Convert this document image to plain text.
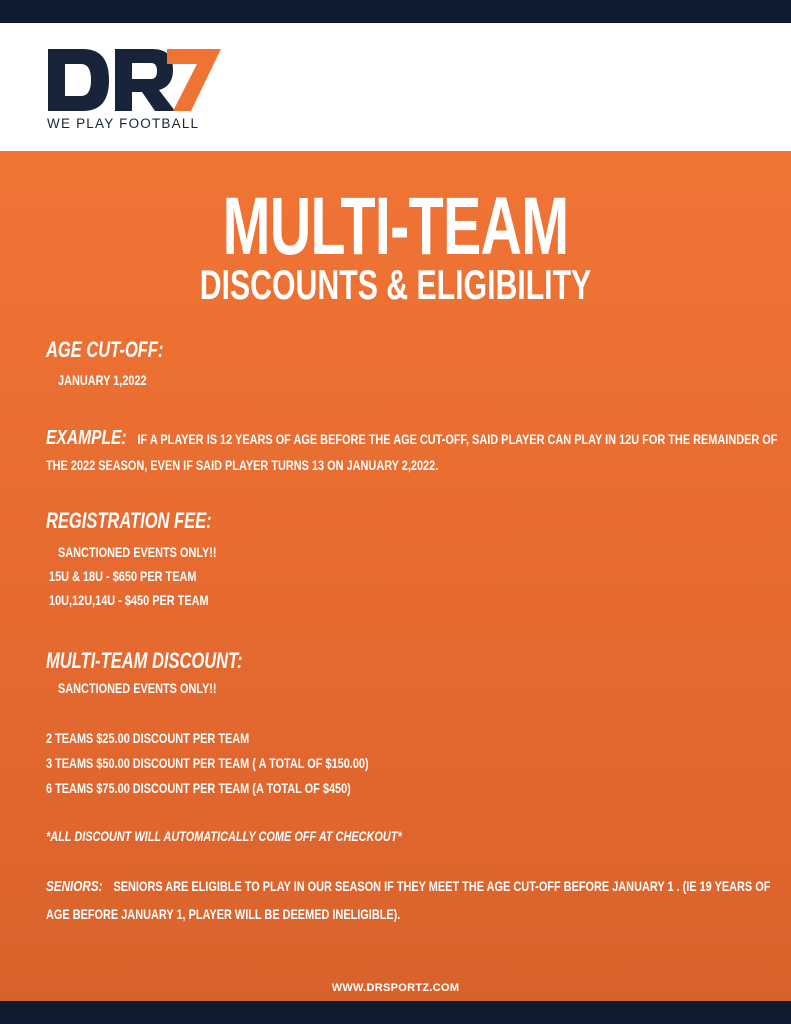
WE PLAY FOOTBALL
MULTI-TEAM
DISCOUNTS & ELIGIBILITY
AGE CUT-OFF:
JANUARY 1,2022
EXAMPLE: IF A PLAYER IS 12 YEARS OF AGE BEFORE THE AGE CUT-OFF, SAID PLAYER CAN PLAY IN 12U FOR THE REMAINDER OF
THE 2022 SEASON, EVEN IF SAID PLAYER TURNS 13 ON JANUARY 2,2022.
REGISTRATION FEE:
SANCTIONED EVENTS ONLY!!
15U & 18U - $650 PER TEAM
10U,12U,14U - $450 PER TEAM
MULTI-TEAM DISCOUNT:
SANCTIONED EVENTS ONLY!!
2 TEAMS $25.00 DISCOUNT PER TEAM
3 TEAMS $50.00 DISCOUNT PER TEAM ( A TOTAL OF $150.00)
6 TEAMS $75.00 DISCOUNT PER TEAM (A TOTAL OF $450)
*ALL DISCOUNT WILL AUTOMATICALLY COME OFF AT CHECKOUT*
SENIORS: SENIORS ARE ELIGIBLE TO PLAY IN OUR SEASON IF THEY MEET THE AGE CUT-OFF BEFORE JANUARY 1 . (IE 19 YEARS OF
AGE BEFORE JANUARY 1, PLAYER WILL BE DEEMED INELIGIBLE).
WWW.DRSPORTZ.COM
